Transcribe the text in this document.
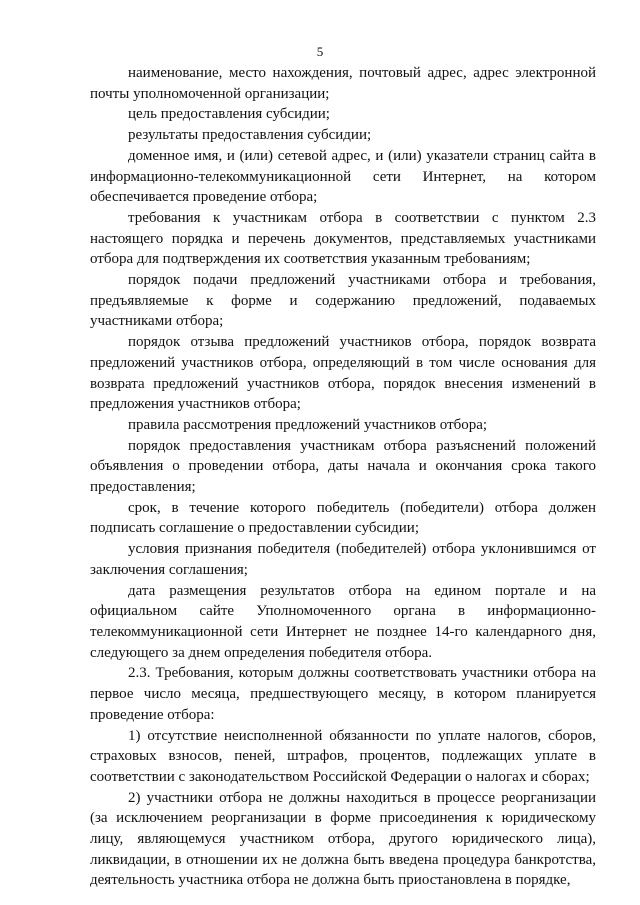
5

наименование, место нахождения, почтовый адрес, адрес электронной почты уполномоченной организации;

цель предоставления субсидии;

результаты предоставления субсидии;

доменное имя, и (или) сетевой адрес, и (или) указатели страниц сайта в информационно-телекоммуникационной сети Интернет, на котором обеспечивается проведение отбора;

требования к участникам отбора в соответствии с пунктом 2.3 настоящего порядка и перечень документов, представляемых участниками отбора для подтверждения их соответствия указанным требованиям;

порядок подачи предложений участниками отбора и требования, предъявляемые к форме и содержанию предложений, подаваемых участниками отбора;

порядок отзыва предложений участников отбора, порядок возврата предложений участников отбора, определяющий в том числе основания для возврата предложений участников отбора, порядок внесения изменений в предложения участников отбора;

правила рассмотрения предложений участников отбора;

порядок предоставления участникам отбора разъяснений положений объявления о проведении отбора, даты начала и окончания срока такого предоставления;

срок, в течение которого победитель (победители) отбора должен подписать соглашение о предоставлении субсидии;

условия признания победителя (победителей) отбора уклонившимся от заключения соглашения;

дата размещения результатов отбора на едином портале и на официальном сайте Уполномоченного органа в информационно-телекоммуникационной сети Интернет не позднее 14-го календарного дня, следующего за днем определения победителя отбора.

2.3. Требования, которым должны соответствовать участники отбора на первое число месяца, предшествующего месяцу, в котором планируется проведение отбора:

1) отсутствие неисполненной обязанности по уплате налогов, сборов, страховых взносов, пеней, штрафов, процентов, подлежащих уплате в соответствии с законодательством Российской Федерации о налогах и сборах;

2) участники отбора не должны находиться в процессе реорганизации (за исключением реорганизации в форме присоединения к юридическому лицу, являющемуся участником отбора, другого юридического лица), ликвидации, в отношении их не должна быть введена процедура банкротства, деятельность участника отбора не должна быть приостановлена в порядке,
